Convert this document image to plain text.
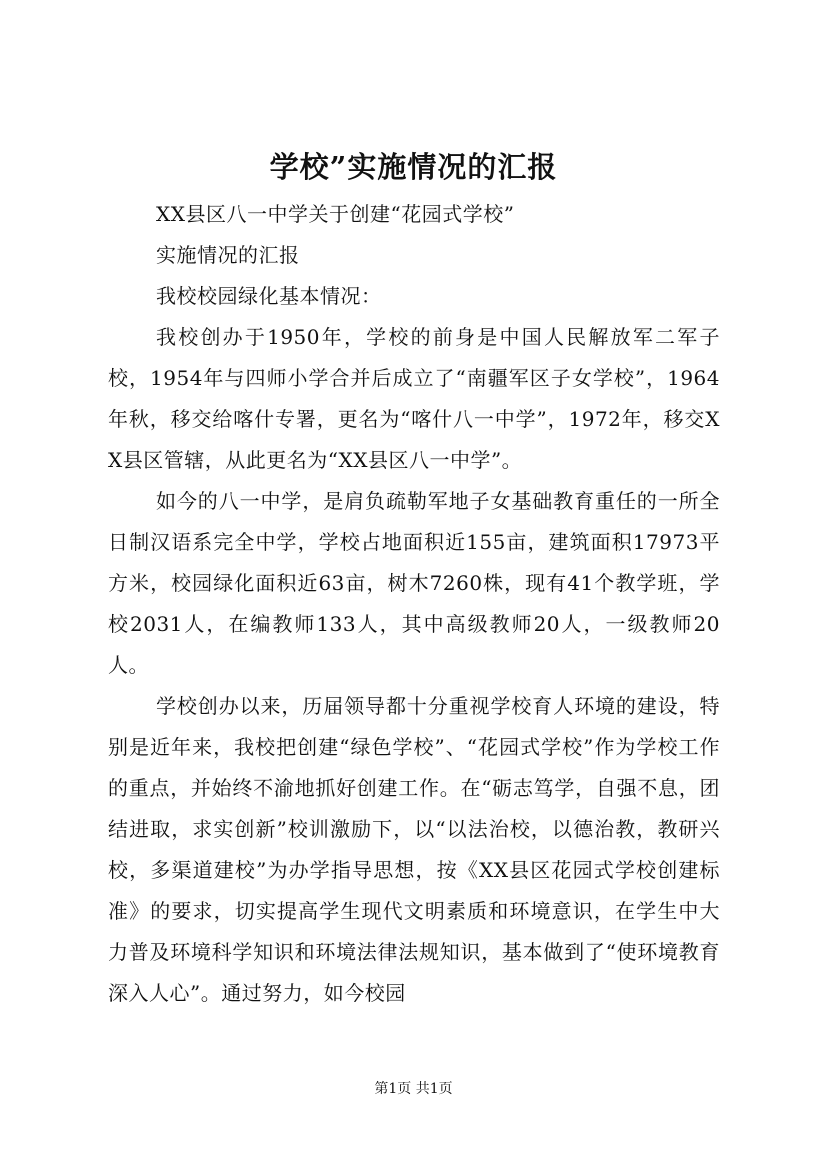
学校”实施情况的汇报

XX县区八一中学关于创建“花园式学校”

实施情况的汇报

我校校园绿化基本情况：

我校创办于1950年，学校的前身是中国人民解放军二军子校，1954年与四师小学合并后成立了“南疆军区子女学校”，1964年秋，移交给喀什专署，更名为“喀什八一中学”，1972年，移交XX县区管辖，从此更名为“XX县区八一中学”。

如今的八一中学，是肩负疏勒军地子女基础教育重任的一所全日制汉语系完全中学，学校占地面积近155亩，建筑面积17973平方米，校园绿化面积近63亩，树木7260株，现有41个教学班，学校2031人，在编教师133人，其中高级教师20人，一级教师20人。

学校创办以来，历届领导都十分重视学校育人环境的建设，特别是近年来，我校把创建“绿色学校”、“花园式学校”作为学校工作的重点，并始终不渝地抓好创建工作。在“砺志笃学，自强不息，团结进取，求实创新”校训激励下，以“以法治校，以德治教，教研兴校，多渠道建校”为办学指导思想，按《XX县区花园式学校创建标准》的要求，切实提高学生现代文明素质和环境意识，在学生中大力普及环境科学知识和环境法律法规知识，基本做到了“使环境教育深入人心”。通过努力，如今校园

第1页 共1页
